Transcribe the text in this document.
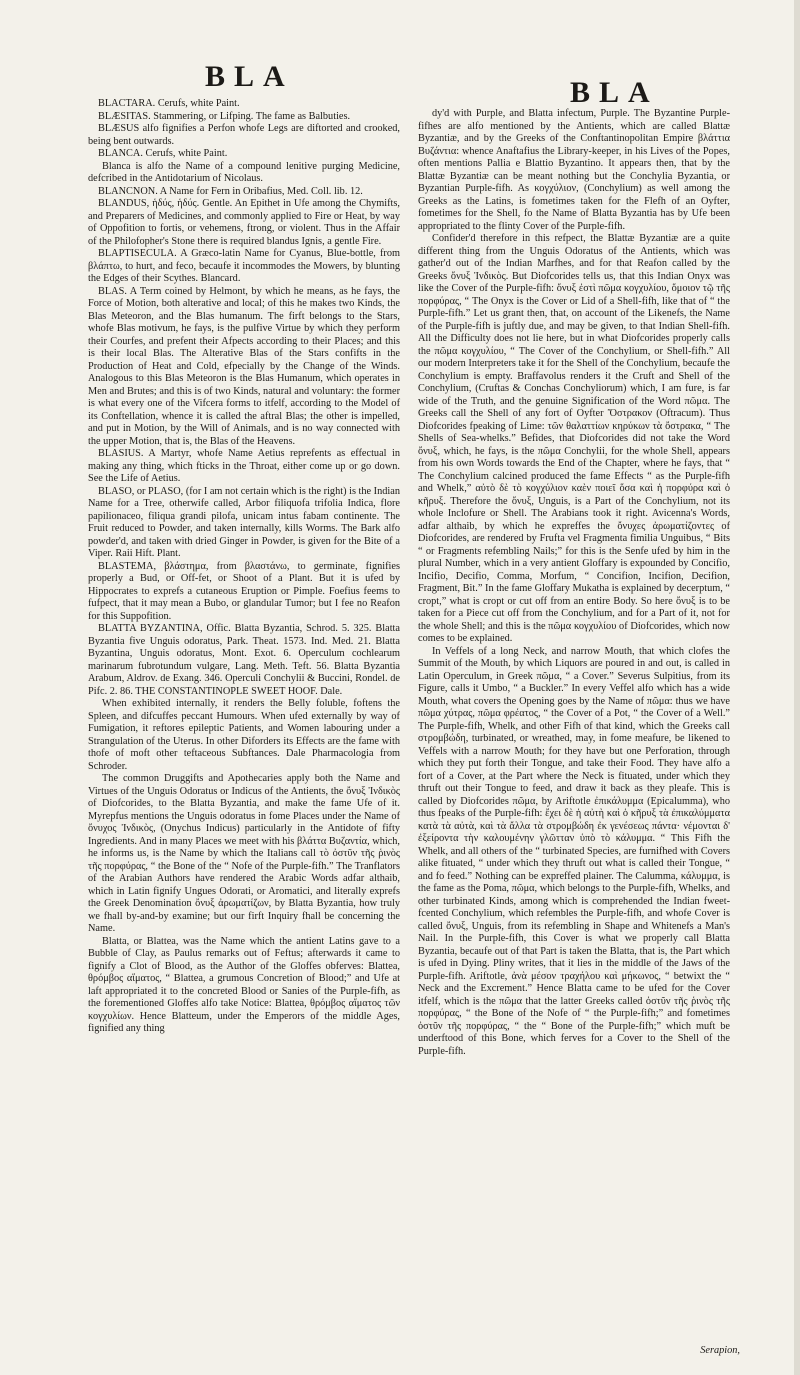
BLA	BLA

BLACTARA. Cerufs, white Paint.

BLÆSITAS. Stammering, or Lifping. The fame as Balbuties.

BLÆSUS alfo fignifies a Perfon whofe Legs are diftorted and crooked, being bent outwards.

BLANCA. Cerufs, white Paint.

Blanca is alfo the Name of a compound lenitive purging Medicine, defcribed in the Antidotarium of Nicolaus.

BLANCNON. A Name for Fern in Oribafius, Med. Coll. lib. 12.

BLANDUS, ἡδύς, ἡδύς. Gentle. An Epithet in Ufe among the Chymifts, and Preparers of Medicines, and commonly applied to Fire or Heat, by way of Oppofition to fortis, or vehemens, ftrong, or violent. Thus in the Affair of the Philofopher's Stone there is required blandus Ignis, a gentle Fire.

BLAPTISECULA. A Græco-latin Name for Cyanus, Blue-bottle, from βλάπτω, to hurt, and feco, becaufe it incommodes the Mowers, by blunting the Edges of their Scythes. Blancard.

BLAS. A Term coined by Helmont, by which he means, as he fays, the Force of Motion, both alterative and local; of this he makes two Kinds, the Blas Meteoron, and the Blas humanum. The firft belongs to the Stars, whofe Blas motivum, he fays, is the pulfive Virtue by which they perform their Courfes, and prefent their Afpects according to their Places; and this is their local Blas. The Alterative Blas of the Stars confifts in the Production of Heat and Cold, efpecially by the Change of the Winds. Analogous to this Blas Meteoron is the Blas Humanum, which operates in Men and Brutes; and this is of two Kinds, natural and voluntary: the former is what every one of the Vifcera forms to itfelf, according to the Model of its Conftellation, whence it is called the aftral Blas; the other is impelled, and put in Motion, by the Will of Animals, and is no way connected with the upper Motion, that is, the Blas of the Heavens.

BLASIUS. A Martyr, whofe Name Aetius reprefents as effectual in making any thing, which fticks in the Throat, either come up or go down. See the Life of Aetius.

BLASO, or PLASO, (for I am not certain which is the right) is the Indian Name for a Tree, otherwife called, Arbor filiquofa trifolia Indica, flore papilionaceo, filiqua grandi pilofa, unicam intus fabam continente. The Fruit reduced to Powder, and taken internally, kills Worms. The Bark alfo powder'd, and taken with dried Ginger in Powder, is given for the Bite of a Viper. Raii Hift. Plant.

BLASTEMA, βλάστημα, from βλαστάνω, to germinate, fignifies properly a Bud, or Off-fet, or Shoot of a Plant. But it is ufed by Hippocrates to exprefs a cutaneous Eruption or Pimple. Foefius feems to fufpect, that it may mean a Bubo, or glandular Tumor; but I fee no Reafon for this Suppofition.

BLATTA BYZANTINA, Offic. Blatta Byzantia, Schrod. 5. 325. Blatta Byzantia five Unguis odoratus, Park. Theat. 1573. Ind. Med. 21. Blatta Byzantina, Unguis odoratus, Mont. Exot. 6. Operculum cochlearum marinarum fubrotundum vulgare, Lang. Meth. Teft. 56. Blatta Byzantia Arabum, Aldrov. de Exang. 346. Operculi Conchylii & Buccini, Rondel. de Pifc. 2. 86. THE CONSTANTINOPLE SWEET HOOF. Dale.

When exhibited internally, it renders the Belly foluble, foftens the Spleen, and difcuffes peccant Humours. When ufed externally by way of Fumigation, it reftores epileptic Patients, and Women labouring under a Strangulation of the Uterus. In other Diforders its Effects are the fame with thofe of moft other teftaceous Subftances. Dale Pharmacologia from Schroder.

The common Druggifts and Apothecaries apply both the Name and Virtues of the Unguis Odoratus or Indicus of the Antients, the ὄνυξ Ἰνδικὸς of Diofcorides, to the Blatta Byzantia, and make the fame Ufe of it. Myrepfus mentions the Unguis odoratus in fome Places under the Name of ὄνυχος Ἰνδικὸς, (Onychus Indicus) particularly in the Antidote of fifty Ingredients. And in many Places we meet with his βλάττα Βυζαντία, which, he informs us, is the Name by which the Italians call τὸ ὀστῦν τῆς ῥινὸς τῆς πορφύρας, “ the Bone of the “ Nofe of the Purple-fifh.” The Tranflators of the Arabian Authors have rendered the Arabic Words adfar althaib, which in Latin fignify Ungues Odorati, or Aromatici, and literally exprefs the Greek Denomination ὄνυξ ἀρωματίζων, by Blatta Byzantia, how truly we fhall by-and-by examine; but our firft Inquiry fhall be concerning the Name.

Blatta, or Blattea, was the Name which the antient Latins gave to a Bubble of Clay, as Paulus remarks out of Feftus; afterwards it came to fignify a Clot of Blood, as the Author of the Gloffes obferves: Blattea, θρόμβος αἵματος, “ Blattea, a grumous Concretion of Blood;” and Ufe at laft appropriated it to the concreted Blood or Sanies of the Purple-fifh, as the forementioned Gloffes alfo take Notice: Blattea, θρόμβος αἵματος τῶν κογχυλίων. Hence Blatteum, under the Emperors of the middle Ages, fignified any thing

dy'd with Purple, and Blatta infectum, Purple. The Byzantine Purple-fifhes are alfo mentioned by the Antients, which are called Blattæ Byzantiæ, and by the Greeks of the Conftantinopolitan Empire βλάττια Βυζάντια: whence Anaftafius the Library-keeper, in his Lives of the Popes, often mentions Pallia e Blattio Byzantino. It appears then, that by the Blattæ Byzantiæ can be meant nothing but the Conchylia Byzantia, or Byzantian Purple-fifh. As κογχύλιον, (Conchylium) as well among the Greeks as the Latins, is fometimes taken for the Flefh of an Oyfter, fometimes for the Shell, fo the Name of Blatta Byzantia has by Ufe been appropriated to the flinty Cover of the Purple-fifh.

Confider'd therefore in this refpect, the Blattæ Byzantiæ are a quite different thing from the Unguis Odoratus of the Antients, which was gather'd out of the Indian Marfhes, and for that Reafon called by the Greeks ὄνυξ Ἰνδικὸς. But Diofcorides tells us, that this Indian Onyx was like the Cover of the Purple-fifh: ὄνυξ ἐστὶ πῶμα κογχυλίου, ὅμοιον τῷ τῆς πορφύρας, “ The Onyx is the Cover or Lid of a Shell-fifh, like that of “ the Purple-fifh.” Let us grant then, that, on account of the Likenefs, the Name of the Purple-fifh is juftly due, and may be given, to that Indian Shell-fifh. All the Difficulty does not lie here, but in what Diofcorides properly calls the πῶμα κογχυλίου, “ The Cover of the Conchylium, or Shell-fifh.” All our modern Interpreters take it for the Shell of the Conchylium, becaufe the Conchylium is empty. Braffavolus renders it the Cruft and Shell of the Conchylium, (Cruftas & Conchas Conchyliorum) which, I am fure, is far wide of the Truth, and the genuine Signification of the Word πῶμα. The Greeks call the Shell of any fort of Oyfter Ὄστρακον (Oftracum). Thus Diofcorides fpeaking of Lime: τῶν θαλαττίων κηρύκων τὰ ὄστρακα, “ The Shells of Sea-whelks.” Befides, that Diofcorides did not take the Word ὄνυξ, which, he fays, is the πῶμα Conchylii, for the whole Shell, appears from his own Words towards the End of the Chapter, where he fays, that “ The Conchylium calcined produced the fame Effects “ as the Purple-fifh and Whelk,” αὐτὸ δὲ τὸ κογχύλιον καὲν ποιεῖ ὅσα καὶ ἡ πορφύρα καὶ ὁ κῆρυξ. Therefore the ὄνυξ, Unguis, is a Part of the Conchylium, not its whole Inclofure or Shell. The Arabians took it right. Avicenna's Words, adfar althaib, by which he expreffes the ὄνυχες ἀρωματίζοντες of Diofcorides, are rendered by Frufta vel Fragmenta fimilia Unguibus, “ Bits “ or Fragments refembling Nails;” for this is the Senfe ufed by him in the plural Number, which in a very antient Gloffary is expounded by Concifio, Incifio, Decifio, Comma, Morfum, “ Concifion, Incifion, Decifion, Fragment, Bit.” In the fame Gloffary Mukatha is explained by decerptum, “ cropt,” what is cropt or cut off from an entire Body. So here ὄνυξ is to be taken for a Piece cut off from the Conchylium, and for a Part of it, not for the whole Shell; and this is the πῶμα κογχυλίου of Diofcorides, which now comes to be explained.

In Veffels of a long Neck, and narrow Mouth, that which clofes the Summit of the Mouth, by which Liquors are poured in and out, is called in Latin Operculum, in Greek πῶμα, “ a Cover.” Severus Sulpitius, from its Figure, calls it Umbo, “ a Buckler.” In every Veffel alfo which has a wide Mouth, what covers the Opening goes by the Name of πῶμα: thus we have πῶμα χύτρας, πῶμα φρέατος, “ the Cover of a Pot, “ the Cover of a Well.” The Purple-fifh, Whelk, and other Fifh of that kind, which the Greeks call στρομβώδη, turbinated, or wreathed, may, in fome meafure, be likened to Veffels with a narrow Mouth; for they have but one Perforation, through which they put forth their Tongue, and take their Food. They have alfo a fort of a Cover, at the Part where the Neck is fituated, under which they thruft out their Tongue to feed, and draw it back as they pleafe. This is called by Diofcorides πῶμα, by Ariftotle ἐπικάλυμμα (Epicalumma), who thus fpeaks of the Purple-fifh: ἔχει δὲ ἡ αὐτὴ καὶ ὁ κῆρυξ τὰ ἐπικαλύμματα κατὰ τὰ αὐτὰ, καὶ τὰ ἄλλα τὰ στρομβώδη ἐκ γενέσεως πάντα· νέμονται δ' ἐξείροντα τὴν καλουμένην γλῶτταν ὑπὸ τὸ κάλυμμα. “ This Fifh the Whelk, and all others of the “ turbinated Species, are furnifhed with Covers alike fituated, “ under which they thruft out what is called their Tongue, “ and fo feed.” Nothing can be expreffed plainer. The Calumma, κάλυμμα, is the fame as the Poma, πῶμα, which belongs to the Purple-fifh, Whelks, and other turbinated Kinds, among which is comprehended the Indian fweet-fcented Conchylium, which refembles the Purple-fifh, and whofe Cover is called ὄνυξ, Unguis, from its refembling in Shape and Whitenefs a Man's Nail. In the Purple-fifh, this Cover is what we properly call Blatta Byzantia, becaufe out of that Part is taken the Blatta, that is, the Part which is ufed in Dying. Pliny writes, that it lies in the middle of the Jaws of the Purple-fifh. Ariftotle, ἀνὰ μέσον τραχήλου καὶ μήκωνος, “ betwixt the “ Neck and the Excrement.” Hence Blatta came to be ufed for the Cover itfelf, which is the πῶμα that the latter Greeks called ὀστῦν τῆς ῥινὸς τῆς πορφύρας, “ the Bone of the Nofe of “ the Purple-fifh;” and fometimes ὀστῦν τῆς πορφύρας, “ the “ Bone of the Purple-fifh;” which muft be underftood of this Bone, which ferves for a Cover to the Shell of the Purple-fifh.

Serapion,
